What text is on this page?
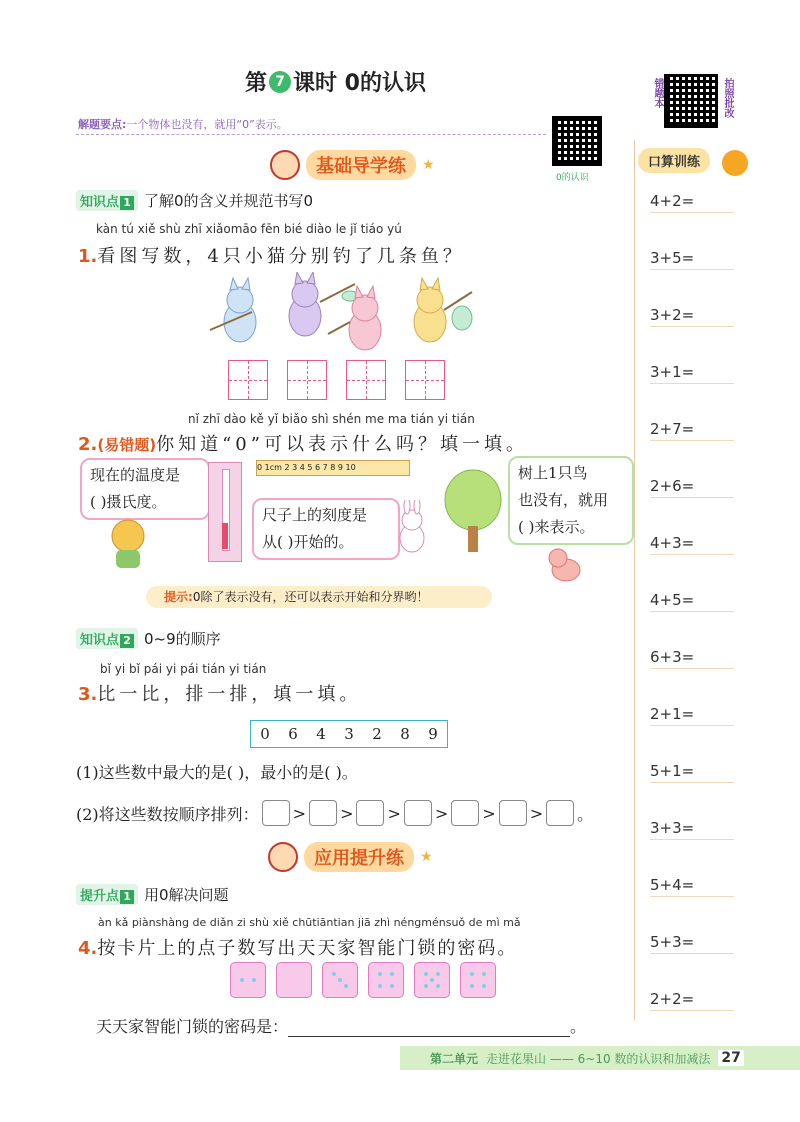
第 7 课时 0的认识
解题要点:一个物体也没有，就用“0”表示。
0的认识
错题本	拍照批改
基础导学练	★
知识点 1 了解0的含义并规范书写0
kàn tú xiě shù zhī xiǎomāo fēn bié diào le jǐ tiáo yú
1.看图写数，4只小猫分别钓了几条鱼？
nǐ zhī dào kě yǐ biǎo shì shén me ma tián yi tián
2.(易错题)你知道“0”可以表示什么吗？填一填。
现在的温度是
( )摄氏度。
0 1cm 2 3 4 5 6 7 8 9 10
尺子上的刻度是
从( )开始的。
树上1只鸟
也没有，就用
( )来表示。
提示:0除了表示没有，还可以表示开始和分界哟！
知识点 2 0~9的顺序
bǐ yi bǐ pái yi pái tián yi tián
3.比一比，排一排，填一填。
0 6 4 3 2 8 9
(1)这些数中最大的是( )，最小的是( )。
(2)将这些数按顺序排列： >
>
>
>
>
>
。
应用提升练	★
提升点 1 用0解决问题
àn kǎ piànshàng de diǎn zi shù xiě chūtiāntian jiā zhì néngménsuǒ de mì mǎ
4.按卡片上的点子数写出天天家智能门锁的密码。
天天家智能门锁的密码是：	。
口算训练
4+2=
3+5=
3+2=
3+1=
2+7=
2+6=
4+3=
4+5=
6+3=
2+1=
5+1=
3+3=
5+4=
5+3=
2+2=
第二单元 走进花果山 —— 6~10 数的认识和加减法 27
